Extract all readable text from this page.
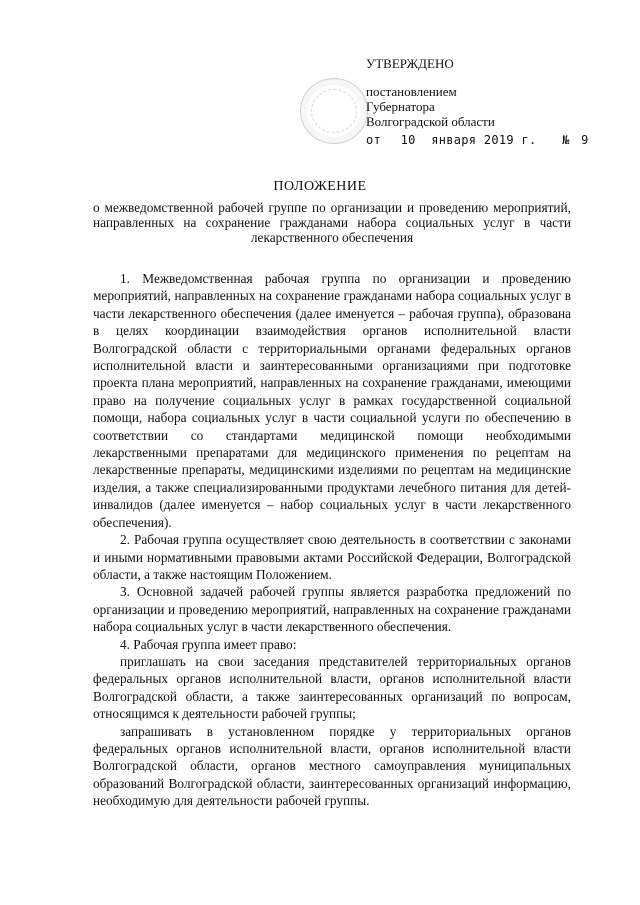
УТВЕРЖДЕНО
постановлением
Губернатора
Волгоградской области
от 10 января 2019 г. № 9
ПОЛОЖЕНИЕ
о межведомственной рабочей группе по организации и проведению мероприятий, направленных на сохранение гражданами набора социальных услуг в части лекарственного обеспечения

1. Межведомственная рабочая группа по организации и проведению мероприятий, направленных на сохранение гражданами набора социальных услуг в части лекарственного обеспечения (далее именуется – рабочая группа), образована в целях координации взаимодействия органов исполнительной власти Волгоградской области с территориальными органами федеральных органов исполнительной власти и заинтересованными организациями при подготовке проекта плана мероприятий, направленных на сохранение гражданами, имеющими право на получение социальных услуг в рамках государственной социальной помощи, набора социальных услуг в части социальной услуги по обеспечению в соответствии со стандартами медицинской помощи необходимыми лекарственными препаратами для медицинского применения по рецептам на лекарственные препараты, медицинскими изделиями по рецептам на медицинские изделия, а также специализированными продуктами лечебного питания для детей-инвалидов (далее именуется – набор социальных услуг в части лекарственного обеспечения).

2. Рабочая группа осуществляет свою деятельность в соответствии с законами и иными нормативными правовыми актами Российской Федерации, Волгоградской области, а также настоящим Положением.

3. Основной задачей рабочей группы является разработка предложений по организации и проведению мероприятий, направленных на сохранение гражданами набора социальных услуг в части лекарственного обеспечения.

4. Рабочая группа имеет право:

приглашать на свои заседания представителей территориальных органов федеральных органов исполнительной власти, органов исполнительной власти Волгоградской области, а также заинтересованных организаций по вопросам, относящимся к деятельности рабочей группы;

запрашивать в установленном порядке у территориальных органов федеральных органов исполнительной власти, органов исполнительной власти Волгоградской области, органов местного самоуправления муниципальных образований Волгоградской области, заинтересованных организаций информацию, необходимую для деятельности рабочей группы.
